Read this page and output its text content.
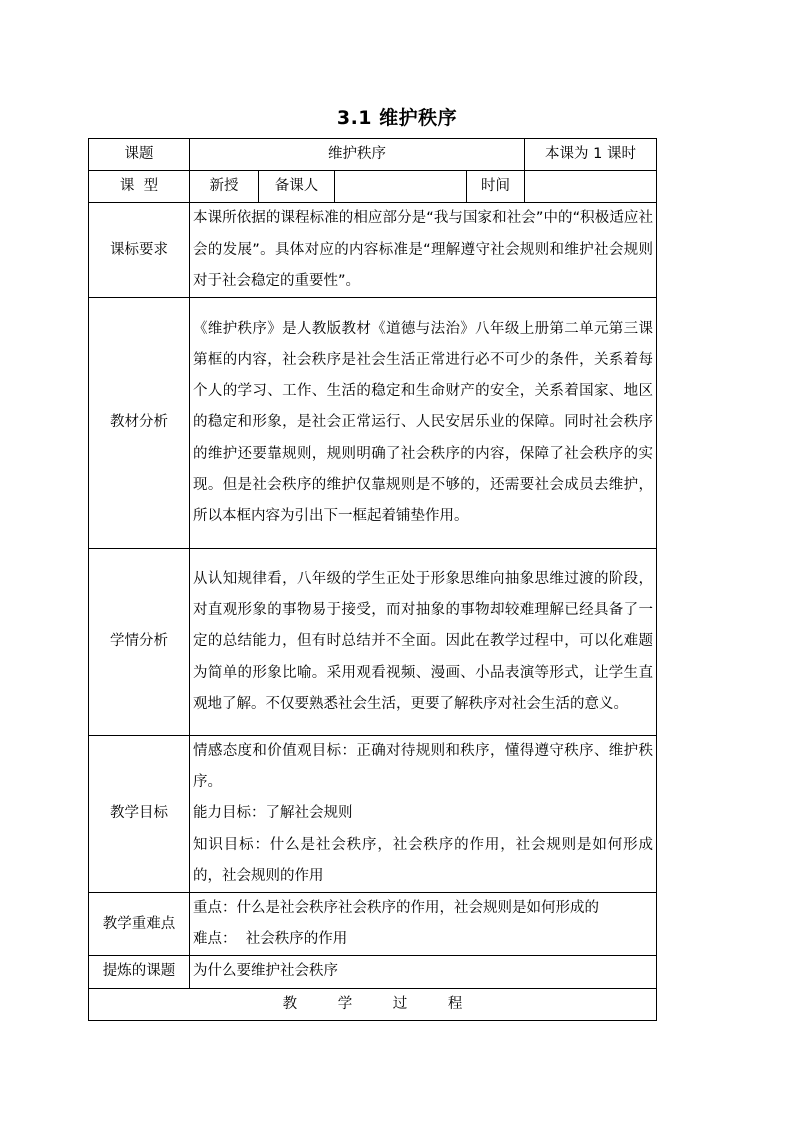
3.1 维护秩序
课题	维护秩序				本课为 1 课时
课  型	新授	备课人		时间	
课标要求	本课所依据的课程标准的相应部分是“我与国家和社会”中的“积极适应社会的发展”。具体对应的内容标准是“理解遵守社会规则和维护社会规则对于社会稳定的重要性”。				
教材分析	《维护秩序》是人教版教材《道德与法治》八年级上册第二单元第三课第框的内容，社会秩序是社会生活正常进行必不可少的条件，关系着每个人的学习、工作、生活的稳定和生命财产的安全，关系着国家、地区的稳定和形象，是社会正常运行、人民安居乐业的保障。同时社会秩序的维护还要靠规则，规则明确了社会秩序的内容，保障了社会秩序的实现。但是社会秩序的维护仅靠规则是不够的，还需要社会成员去维护，所以本框内容为引出下一框起着铺垫作用。				
学情分析	从认知规律看，八年级的学生正处于形象思维向抽象思维过渡的阶段，对直观形象的事物易于接受，而对抽象的事物却较难理解已经具备了一定的总结能力，但有时总结并不全面。因此在教学过程中，可以化难题为简单的形象比喻。采用观看视频、漫画、小品表演等形式，让学生直观地了解。不仅要熟悉社会生活，更要了解秩序对社会生活的意义。				
教学目标	情感态度和价值观目标：正确对待规则和秩序，懂得遵守秩序、维护秩序。

能力目标：了解社会规则

知识目标：什么是社会秩序，社会秩序的作用，社会规则是如何形成的，社会规则的作用				

教学重难点	重点：什么是社会秩序社会秩序的作用，社会规则是如何形成的

难点：  社会秩序的作用				

提炼的课题	为什么要维护社会秩序				
教 学 过 程					
